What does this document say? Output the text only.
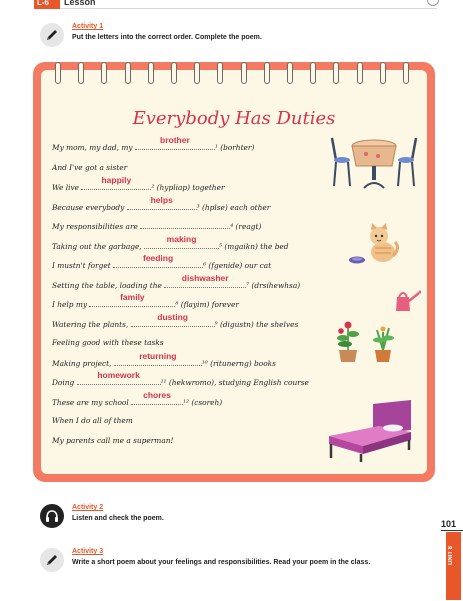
L-6	Lesson
Activity 1
Put the letters into the correct order. Complete the poem.
Everybody Has Duties
My mom, my dad, my
brother
¹ (borhter)
And I've got a sister
We live
happily
² (hypliap) together
Because everybody
helps
³ (hplse) each other
My responsibilities are	⁴ (reagt)
Taking out the garbage,
making
⁵ (mgaikn) the bed
I mustn't forget
feeding
⁶ (fgenide) our cat
Setting the table, loading the
dishwasher
⁷ (drsihewhsa)
I help my
family
⁸ (flayim) forever
Watering the plants,
dusting
⁹ (digustn) the shelves
Feeling good with these tasks
Making project,
returning
¹⁰ (ritunerng) books
Doing
homework
¹¹ (hekwromo), studying English course
These are my school
chores
¹² (csoreh)
When I do all of them
My parents call me a superman!
Activity 2
Listen and check the poem.
Activity 3
Write a short poem about your feelings and responsibilities. Read your poem in the class.
101
UNIT 8
